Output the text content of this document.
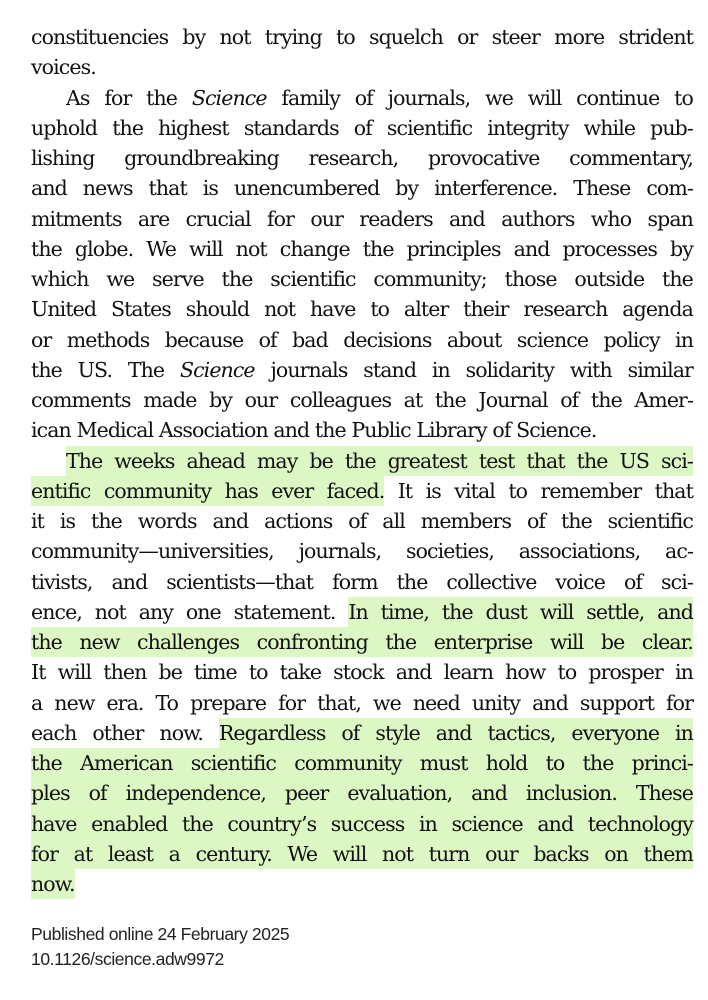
constituencies by not trying to squelch or steer more strident
voices.
As for the Science family of journals, we will continue to
uphold the highest standards of scientific integrity while pub-
lishing groundbreaking research, provocative commentary,
and news that is unencumbered by interference. These com-
mitments are crucial for our readers and authors who span
the globe. We will not change the principles and processes by
which we serve the scientific community; those outside the
United States should not have to alter their research agenda
or methods because of bad decisions about science policy in
the US. The Science journals stand in solidarity with similar
comments made by our colleagues at the Journal of the Amer-
ican
Medical
Association
and
the
Public
Library
of
Science.
The weeks ahead may be the greatest test that the US sci-
entific community has ever faced. It is vital to remember that
it is the words and actions of all members of the scientific
community—universities, journals, societies, associations, ac-
tivists, and scientists—that form the collective voice of sci-
ence, not any one statement. In time, the dust will settle, and
the new challenges confronting the enterprise will be clear.
It will then be time to take stock and learn how to prosper in
a new era. To prepare for that, we need unity and support for
each other now. Regardless of style and tactics, everyone in
the American scientific community must hold to the princi-
ples of independence, peer evaluation, and inclusion. These
have enabled the country’s success in science and technology
for at least a century. We will not turn our backs on them
now.
Published online 24 February 2025
10.1126/science.adw9972
